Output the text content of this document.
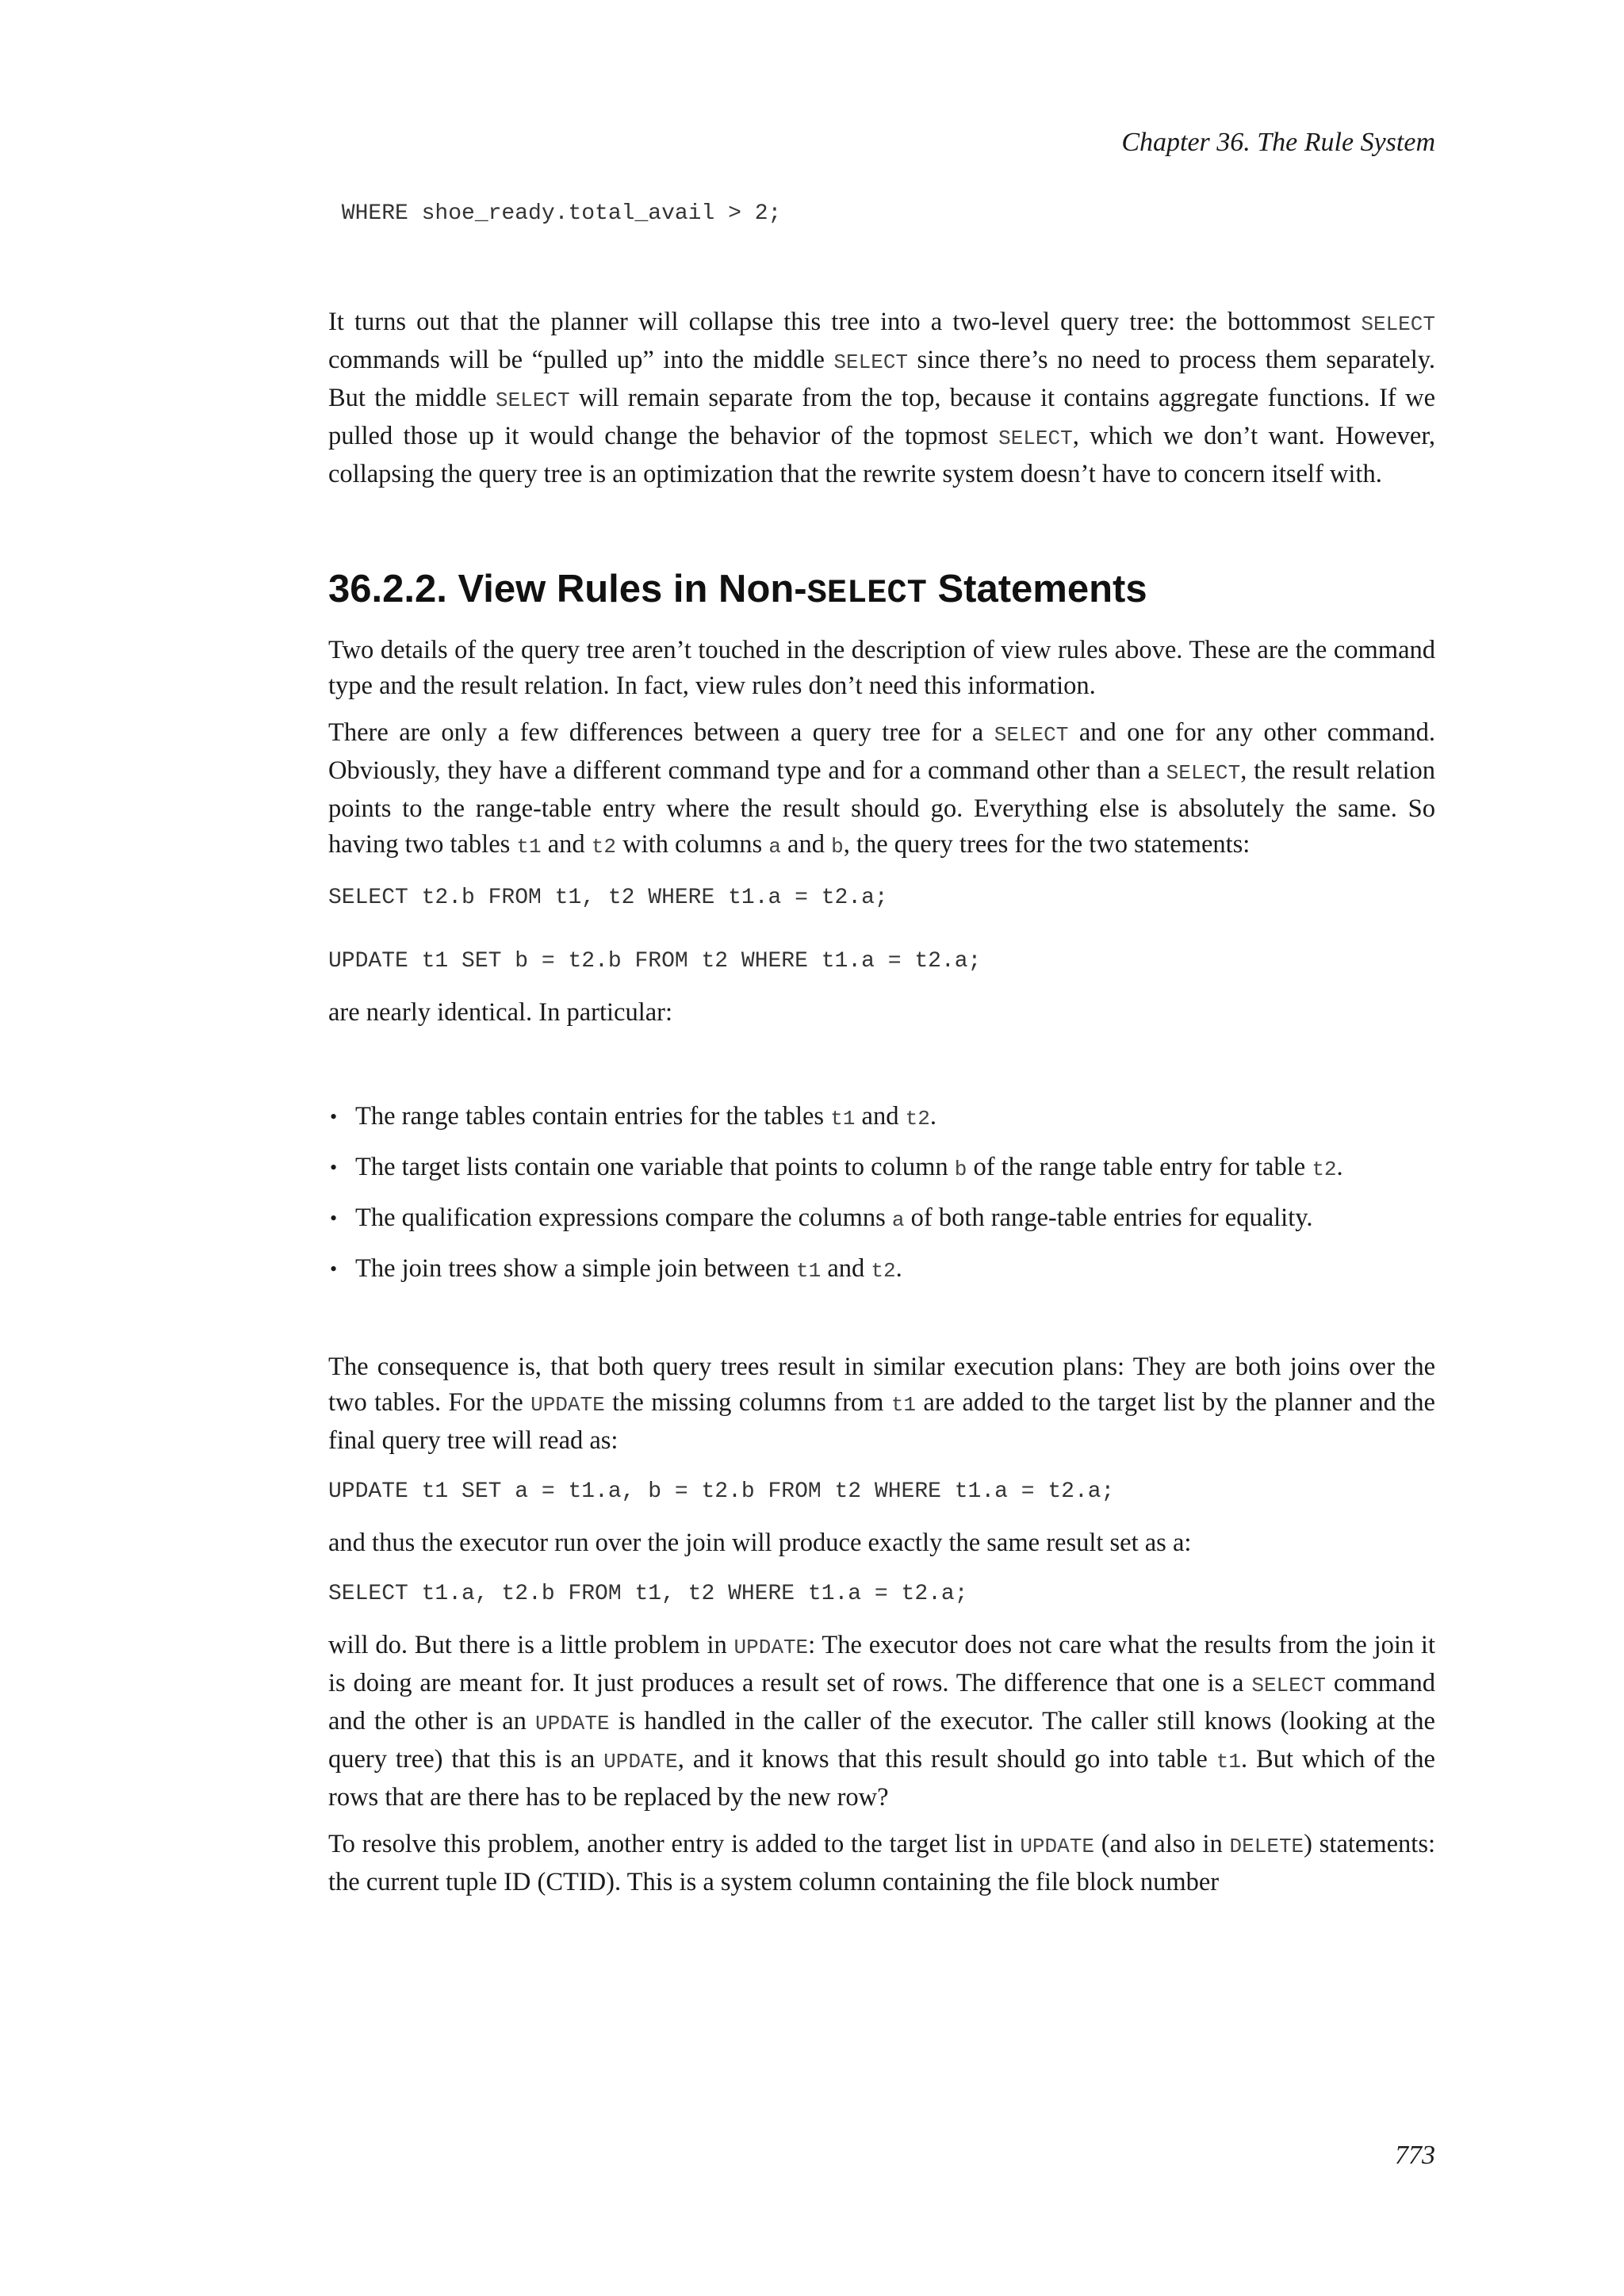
Chapter 36. The Rule System
WHERE shoe_ready.total_avail > 2;

It turns out that the planner will collapse this tree into a two-level query tree: the bottommost SELECT commands will be “pulled up” into the middle SELECT since there’s no need to process them separately. But the middle SELECT will remain separate from the top, because it contains aggregate functions. If we pulled those up it would change the behavior of the topmost SELECT, which we don’t want. However, collapsing the query tree is an optimization that the rewrite system doesn’t have to concern itself with.

36.2.2. View Rules in Non-SELECT Statements

Two details of the query tree aren’t touched in the description of view rules above. These are the command type and the result relation. In fact, view rules don’t need this information.

There are only a few differences between a query tree for a SELECT and one for any other command. Obviously, they have a different command type and for a command other than a SELECT, the result relation points to the range-table entry where the result should go. Everything else is absolutely the same. So having two tables t1 and t2 with columns a and b, the query trees for the two statements:

SELECT t2.b FROM t1, t2 WHERE t1.a = t2.a;
UPDATE t1 SET b = t2.b FROM t2 WHERE t1.a = t2.a;

are nearly identical. In particular:

• The range tables contain entries for the tables t1 and t2.
• The target lists contain one variable that points to column b of the range table entry for table t2.
• The qualification expressions compare the columns a of both range-table entries for equality.
• The join trees show a simple join between t1 and t2.

The consequence is, that both query trees result in similar execution plans: They are both joins over the two tables. For the UPDATE the missing columns from t1 are added to the target list by the planner and the final query tree will read as:

UPDATE t1 SET a = t1.a, b = t2.b FROM t2 WHERE t1.a = t2.a;

and thus the executor run over the join will produce exactly the same result set as a:

SELECT t1.a, t2.b FROM t1, t2 WHERE t1.a = t2.a;

will do. But there is a little problem in UPDATE: The executor does not care what the results from the join it is doing are meant for. It just produces a result set of rows. The difference that one is a SELECT command and the other is an UPDATE is handled in the caller of the executor. The caller still knows (looking at the query tree) that this is an UPDATE, and it knows that this result should go into table t1. But which of the rows that are there has to be replaced by the new row?

To resolve this problem, another entry is added to the target list in UPDATE (and also in DELETE) statements: the current tuple ID (CTID). This is a system column containing the file block number

773
